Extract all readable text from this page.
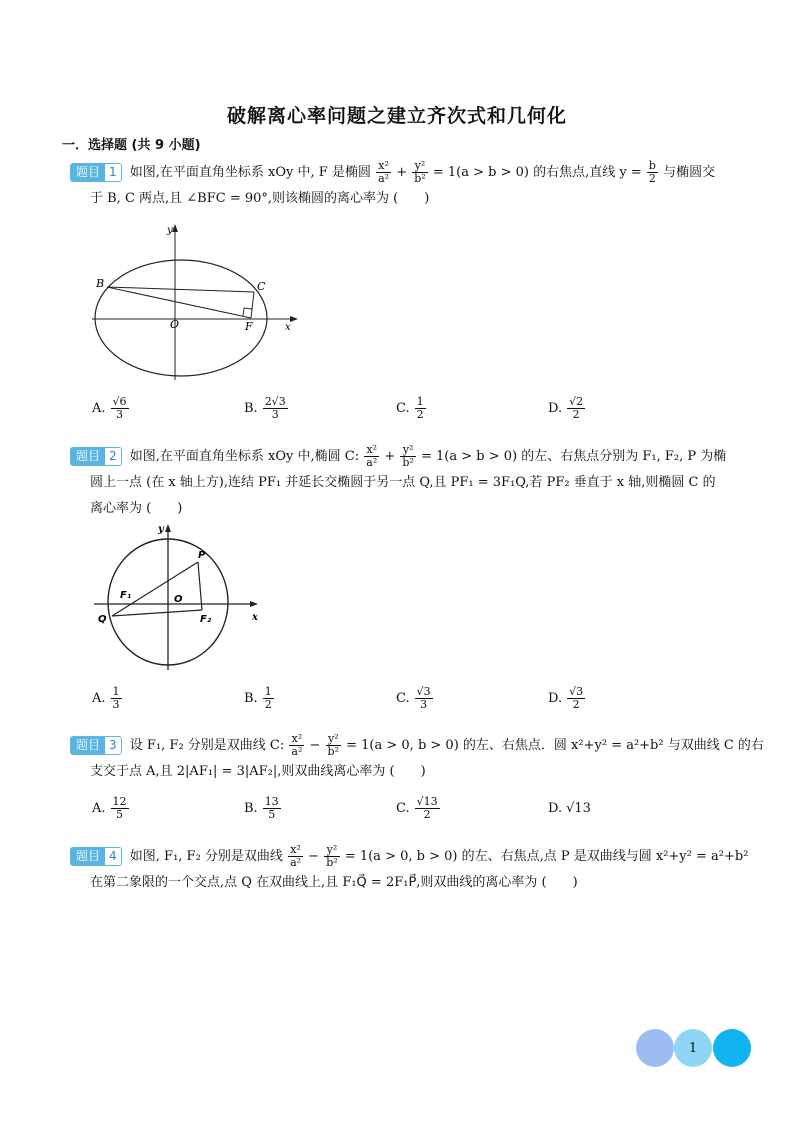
破解离心率问题之建立齐次式和几何化
一．选择题 (共 9 小题)
题目 1 如图,在平面直角坐标系 xOy 中, F 是椭圆 $\frac{\text{x²}}{\text{a²}} + \frac{\text{y²}}{\text{b²}} = 1(a > b > 0)$ 的右焦点,直线 $y = \frac{b}{2}$ 与椭圆交
于 B, C 两点,且 ∠BFC = 90°,则该椭圆的离心率为 (　　)
y
x
B	C
O	F
A. $\frac{√6}{3}$	B. $\frac{2√3}{3}$	C. $\frac{1}{2}$	D. $\frac{√2}{2}$
题目 2 如图,在平面直角坐标系 xOy 中,椭圆 C: $\frac{\text{x²}}{\text{a²}} + \frac{\text{y²}}{\text{b²}} = 1(a > b > 0)$ 的左、右焦点分别为 F₁, F₂, P 为椭
圆上一点 (在 x 轴上方),连结 PF₁ 并延长交椭圆于另一点 Q,且 PF₁ = 3F₁Q,若 PF₂ 垂直于 x 轴,则椭圆 C 的
离心率为 (　　)
y
x
P
F₁	O
Q	F₂
A. $\frac{1}{3}$	B. $\frac{1}{2}$	C. $\frac{√3}{3}$	D. $\frac{√3}{2}$
题目 3 设 F₁, F₂ 分别是双曲线 C: $\frac{\text{x²}}{\text{a²}} - \frac{\text{y²}}{\text{b²}} = 1(a > 0$, b > 0) 的左、右焦点．圆 x²+y² = a²+b² 与双曲线 C 的右
支交于点 A,且 2|AF₁| = 3|AF₂|,则双曲线离心率为 (　　)
A. $\frac{12}{5}$	B. $\frac{13}{5}$	C. $\frac{√13}{2}$	D. √13
题目 4 如图, F₁, F₂ 分别是双曲线 $\frac{\text{x²}}{\text{a²}} - \frac{\text{y²}}{\text{b²}} = 1(a > 0$, b > 0) 的左、右焦点,点 P 是双曲线与圆 x²+y² = a²+b²
在第二象限的一个交点,点 Q 在双曲线上,且 F₁Q⃗ = 2F₁P⃗,则双曲线的离心率为 (　　)
1
